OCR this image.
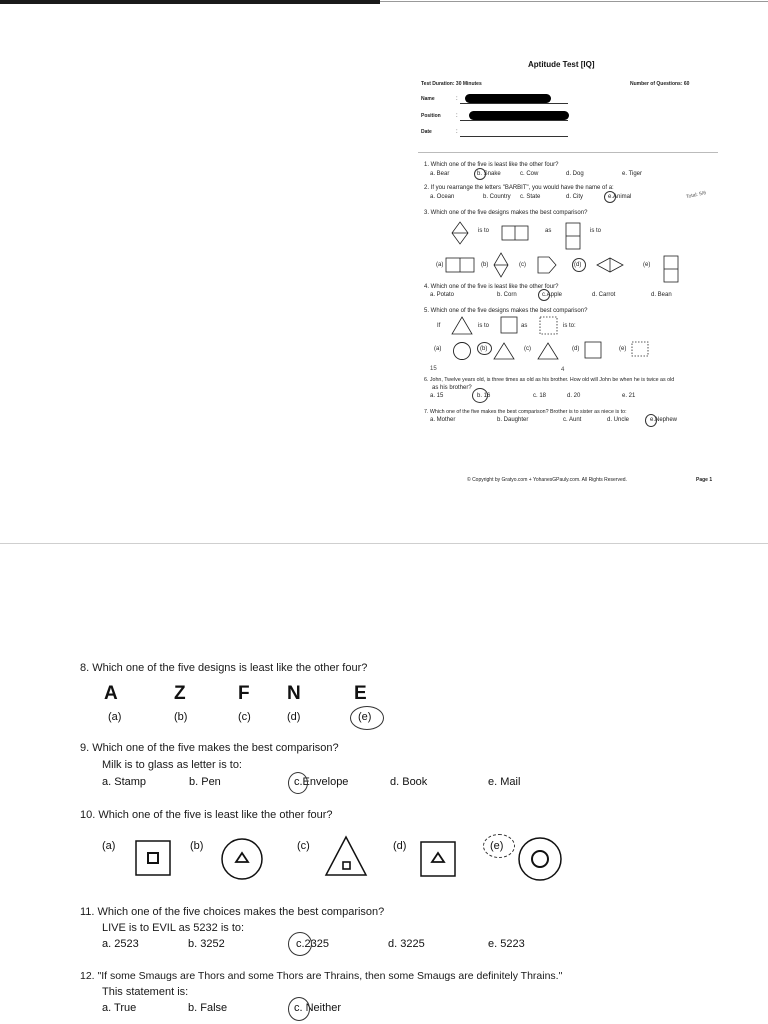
Aptitude Test [IQ]
Test Duration: 30 Minutes	Number of Questions: 60
Name	:
Position	:
Date	:
Total: 5/6
1. Which one of the five is least like the other four?
a. Bear	b. Snake	c. Cow	d. Dog	e. Tiger
2. If you rearrange the letters "BARBIT", you would have the name of a:
a. Ocean	b. Country c. State	d. City	e.Animal
3. Which one of the five designs makes the best comparison?
is to	as	is to
(a)	(b)	(c)	(d)	(e)
4. Which one of the five is least like the other four?
a. Potato	b. Corn	c.Apple	d. Carrot	d. Bean
5. Which one of the five designs makes the best comparison?
If	is to	as	is to:
(a)	(b)	(c)	(d)	(e)
15	4
6. John, Twelve years old, is three times as old as his brother. How old will John be when he is twice as old
as his brother?
a. 15	b. 16	c. 18	d. 20	e. 21
7. Which one of the five makes the best comparison? Brother is to sister as niece is to:
a. Mother	b. Daughter	c. Aunt	d. Uncle	e.Nephew
© Copyright by Gratyo.com + YohanesGPauly.com. All Rights Reserved.	Page 1
8. Which one of the five designs is least like the other four?
A	Z	F N	E
(a)	(b)	(c)	(d)	(e)
9. Which one of the five makes the best comparison?
Milk is to glass as letter is to:
a. Stamp	b. Pen	c.Envelope	d. Book	e. Mail
10. Which one of the five is least like the other four?
(a)	(b)	(c)	(d)	(e)
11. Which one of the five choices makes the best comparison?
LIVE is to EVIL as 5232 is to:
a. 2523	b. 3252	c.2325	d. 3225	e. 5223
12. "If some Smaugs are Thors and some Thors are Thrains, then some Smaugs are definitely Thrains."
This statement is:
a. True	b. False	c. Neither
